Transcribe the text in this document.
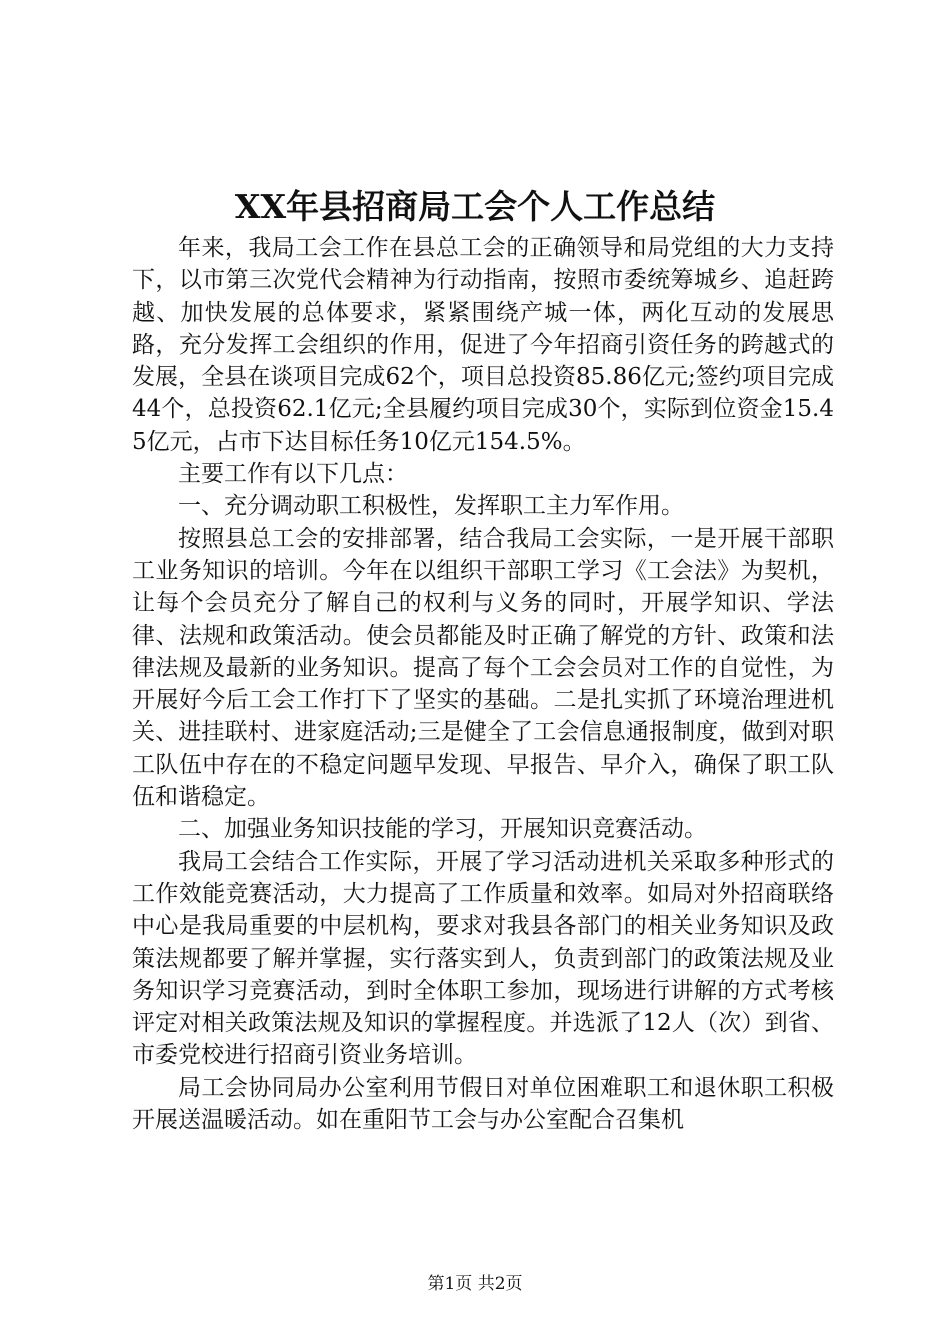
XX年县招商局工会个人工作总结

年来，我局工会工作在县总工会的正确领导和局党组的大力支持下，以市第三次党代会精神为行动指南，按照市委统筹城乡、追赶跨越、加快发展的总体要求，紧紧围绕产城一体，两化互动的发展思路，充分发挥工会组织的作用，促进了今年招商引资任务的跨越式的发展，全县在谈项目完成62个，项目总投资85.86亿元;签约项目完成44个，总投资62.1亿元;全县履约项目完成30个，实际到位资金15.45亿元，占市下达目标任务10亿元154.5%。

主要工作有以下几点：

一、充分调动职工积极性，发挥职工主力军作用。

按照县总工会的安排部署，结合我局工会实际，一是开展干部职工业务知识的培训。今年在以组织干部职工学习《工会法》为契机，让每个会员充分了解自己的权利与义务的同时，开展学知识、学法律、法规和政策活动。使会员都能及时正确了解党的方针、政策和法律法规及最新的业务知识。提高了每个工会会员对工作的自觉性，为开展好今后工会工作打下了坚实的基础。二是扎实抓了环境治理进机关、进挂联村、进家庭活动;三是健全了工会信息通报制度，做到对职工队伍中存在的不稳定问题早发现、早报告、早介入，确保了职工队伍和谐稳定。

二、加强业务知识技能的学习，开展知识竞赛活动。

我局工会结合工作实际，开展了学习活动进机关采取多种形式的工作效能竞赛活动，大力提高了工作质量和效率。如局对外招商联络中心是我局重要的中层机构，要求对我县各部门的相关业务知识及政策法规都要了解并掌握，实行落实到人，负责到部门的政策法规及业务知识学习竞赛活动，到时全体职工参加，现场进行讲解的方式考核评定对相关政策法规及知识的掌握程度。并选派了12人（次）到省、市委党校进行招商引资业务培训。

局工会协同局办公室利用节假日对单位困难职工和退休职工积极开展送温暖活动。如在重阳节工会与办公室配合召集机

第1页 共2页
